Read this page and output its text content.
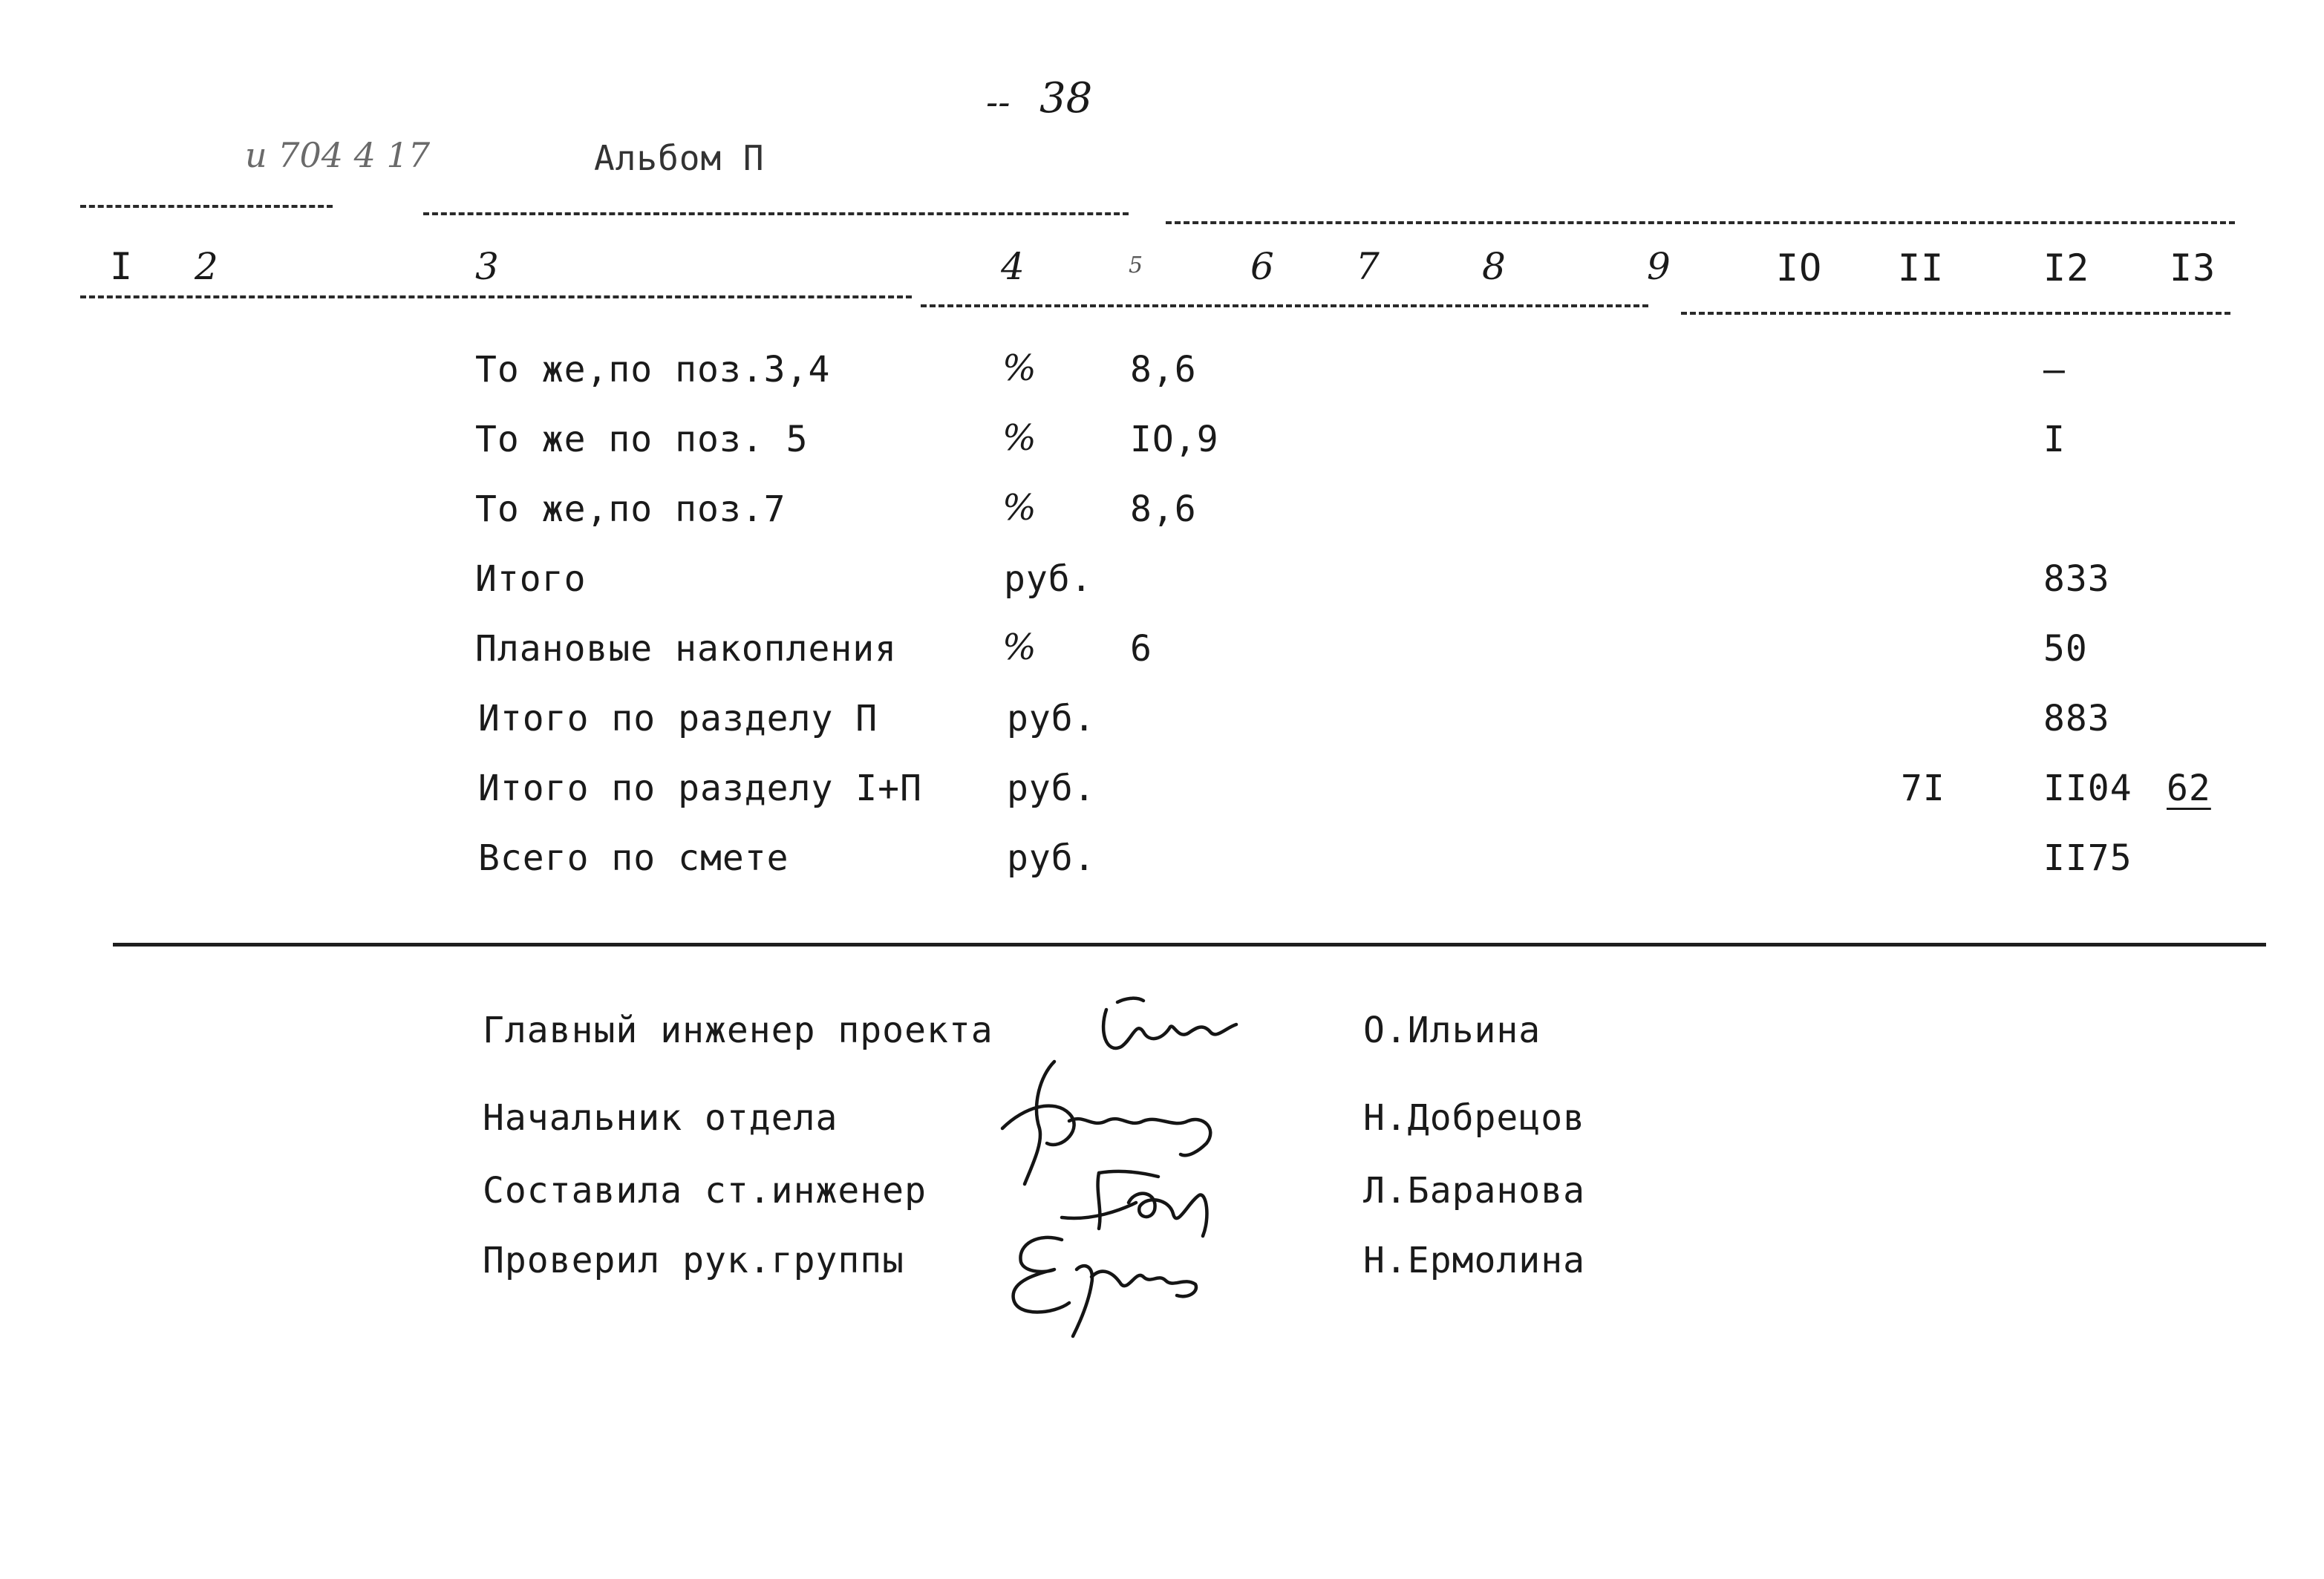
-- 38
и 704 4 17	Альбом П
I 2	3	4	5	6 7	8	9	IO II	I2 I3
То же,по поз.3,4	%	8,6	–
То же по поз. 5	%	IO,9	I
То же,по поз.7	%	8,6
Итого	руб.	833
Плановые накопления	%	6	50
Итого по разделу П	руб.	883
Итого по разделу I+П руб.	7I	II04 62
Всего по смете	руб.	II75
Главный инженер проекта	О.Ильина
Начальник отдела	Н.Добрецов
Составила ст.инженер	Л.Баранова
Проверил рук.группы	Н.Ермолина
